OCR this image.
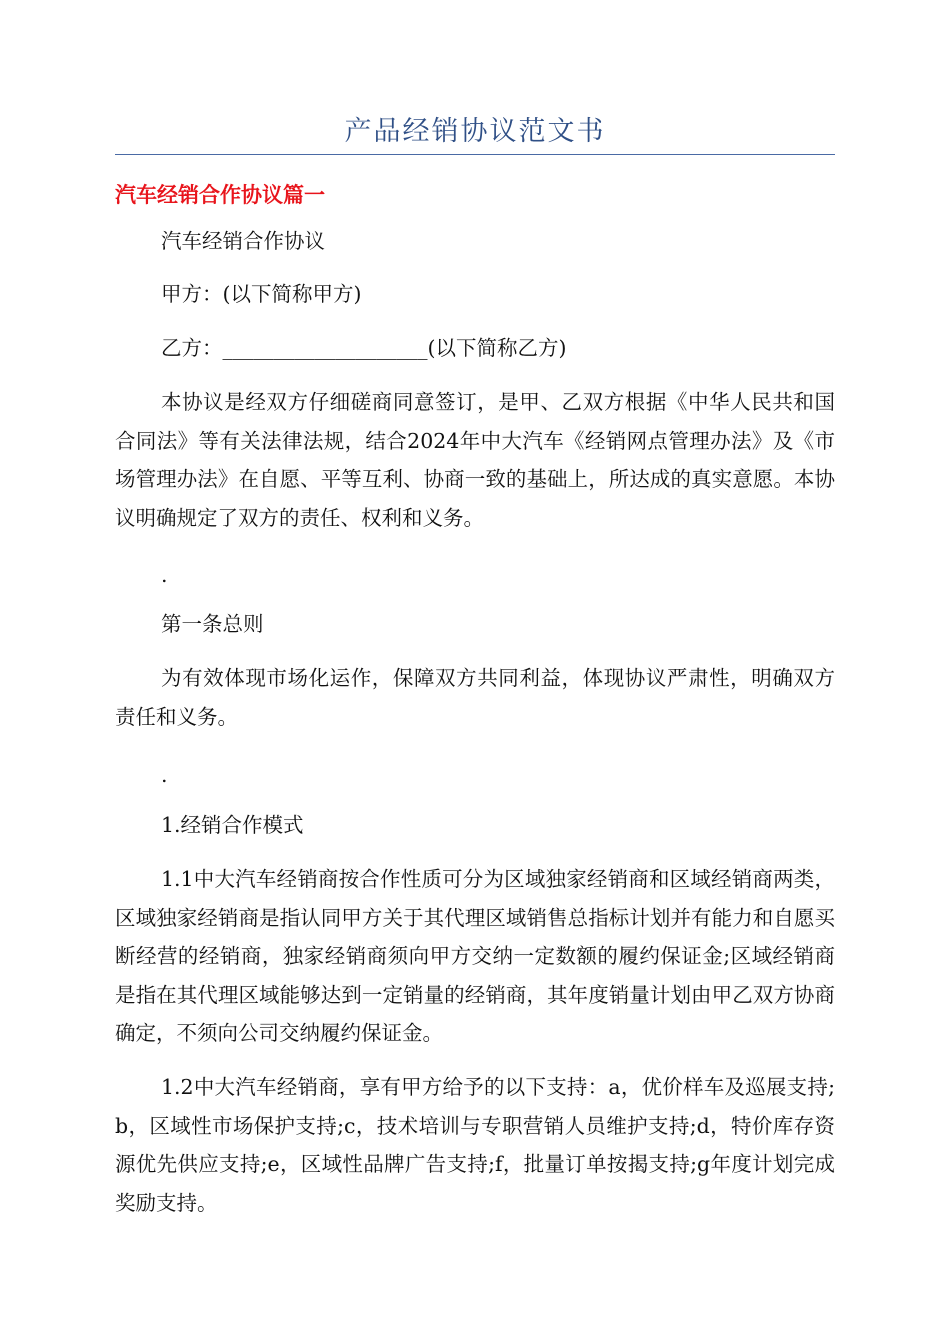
产品经销协议范文书
汽车经销合作协议篇一
汽车经销合作协议
甲方：(以下简称甲方)
乙方：____________________(以下简称乙方)
本协议是经双方仔细磋商同意签订，是甲、乙双方根据《中华人民共和国合同法》等有关法律法规，结合2024年中大汽车《经销网点管理办法》及《市场管理办法》在自愿、平等互利、协商一致的基础上，所达成的真实意愿。本协议明确规定了双方的责任、权利和义务。
.
第一条总则
为有效体现市场化运作，保障双方共同利益，体现协议严肃性，明确双方责任和义务。
.
1.经销合作模式
1.1中大汽车经销商按合作性质可分为区域独家经销商和区域经销商两类，区域独家经销商是指认同甲方关于其代理区域销售总指标计划并有能力和自愿买断经营的经销商，独家经销商须向甲方交纳一定数额的履约保证金;区域经销商是指在其代理区域能够达到一定销量的经销商，其年度销量计划由甲乙双方协商确定，不须向公司交纳履约保证金。
1.2中大汽车经销商，享有甲方给予的以下支持：a，优价样车及巡展支持;b，区域性市场保护支持;c，技术培训与专职营销人员维护支持;d，特价库存资源优先供应支持;e，区域性品牌广告支持;f，批量订单按揭支持;g年度计划完成奖励支持。
